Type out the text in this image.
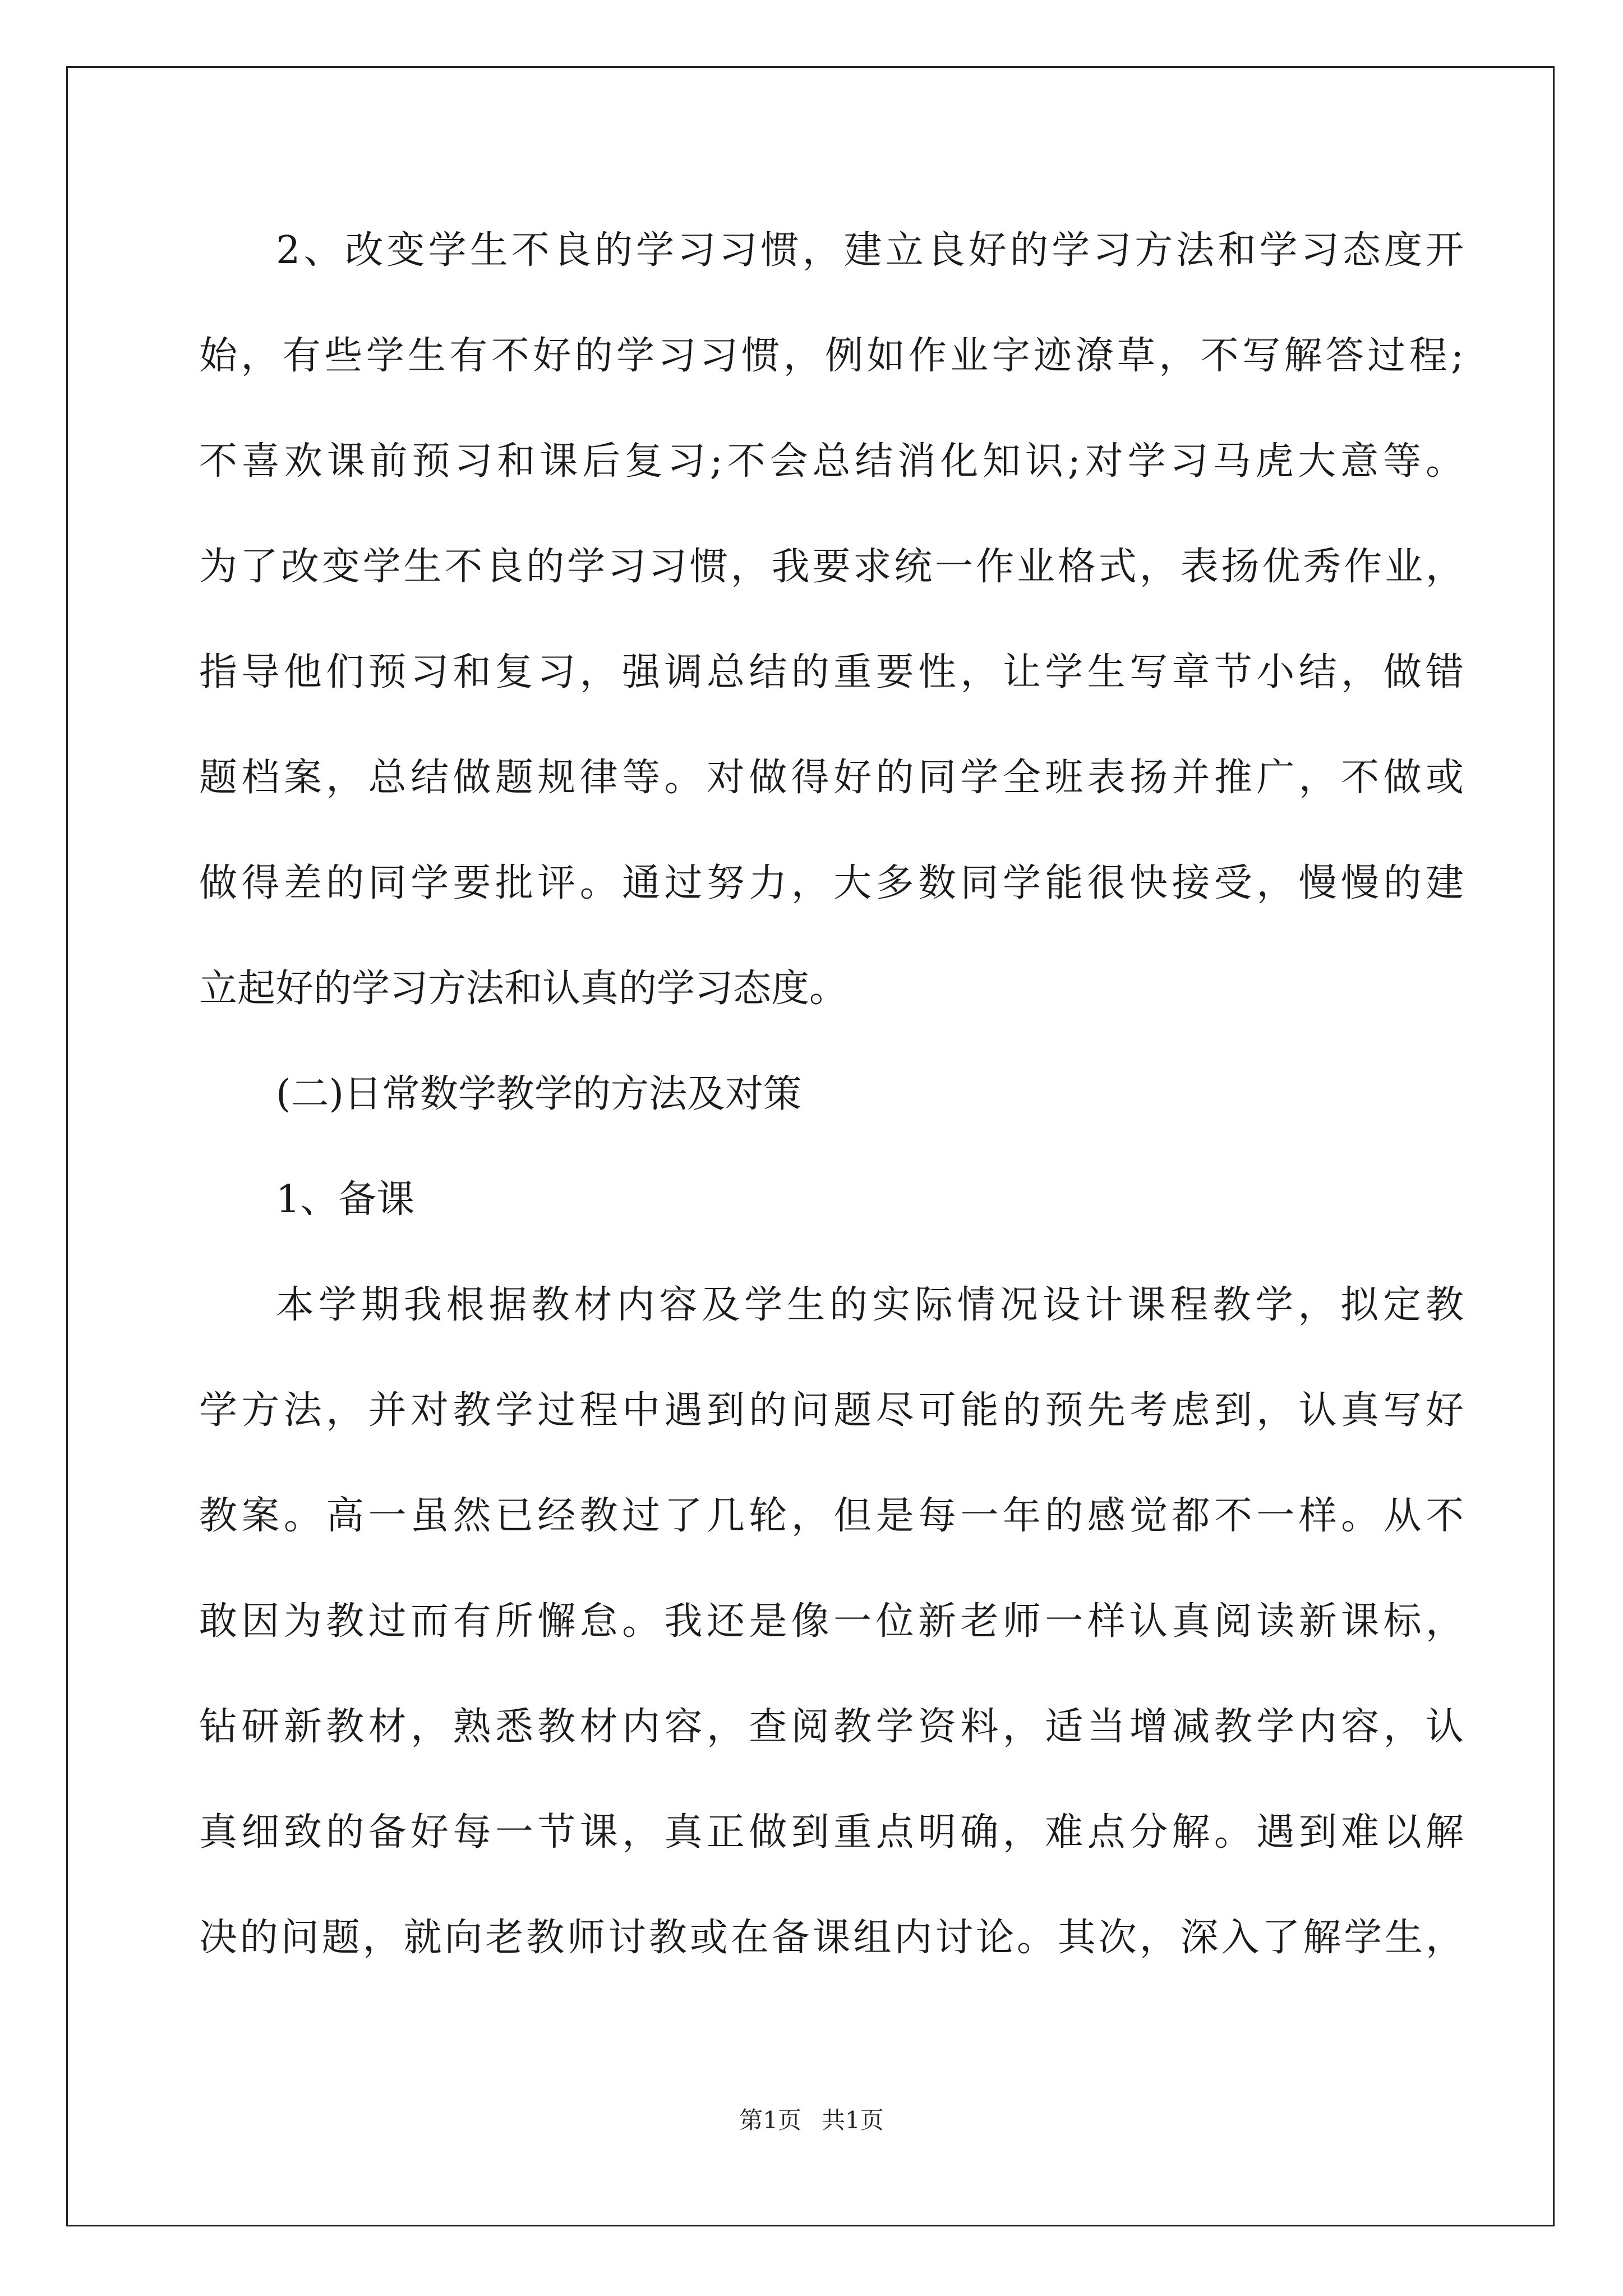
2、改变学生不良的学习习惯，建立良好的学习方法和学习态度开
始，有些学生有不好的学习习惯，例如作业字迹潦草，不写解答过程;
不喜欢课前预习和课后复习;不会总结消化知识;对学习马虎大意等。
为了改变学生不良的学习习惯，我要求统一作业格式，表扬优秀作业，
指导他们预习和复习，强调总结的重要性，让学生写章节小结，做错
题档案，总结做题规律等。对做得好的同学全班表扬并推广，不做或
做得差的同学要批评。通过努力，大多数同学能很快接受，慢慢的建
立起好的学习方法和认真的学习态度。
(二)日常数学教学的方法及对策
1、备课
本学期我根据教材内容及学生的实际情况设计课程教学，拟定教
学方法，并对教学过程中遇到的问题尽可能的预先考虑到，认真写好
教案。高一虽然已经教过了几轮，但是每一年的感觉都不一样。从不
敢因为教过而有所懈怠。我还是像一位新老师一样认真阅读新课标，
钻研新教材，熟悉教材内容，查阅教学资料，适当增减教学内容，认
真细致的备好每一节课，真正做到重点明确，难点分解。遇到难以解
决的问题，就向老教师讨教或在备课组内讨论。其次，深入了解学生，
第1页 共1页
